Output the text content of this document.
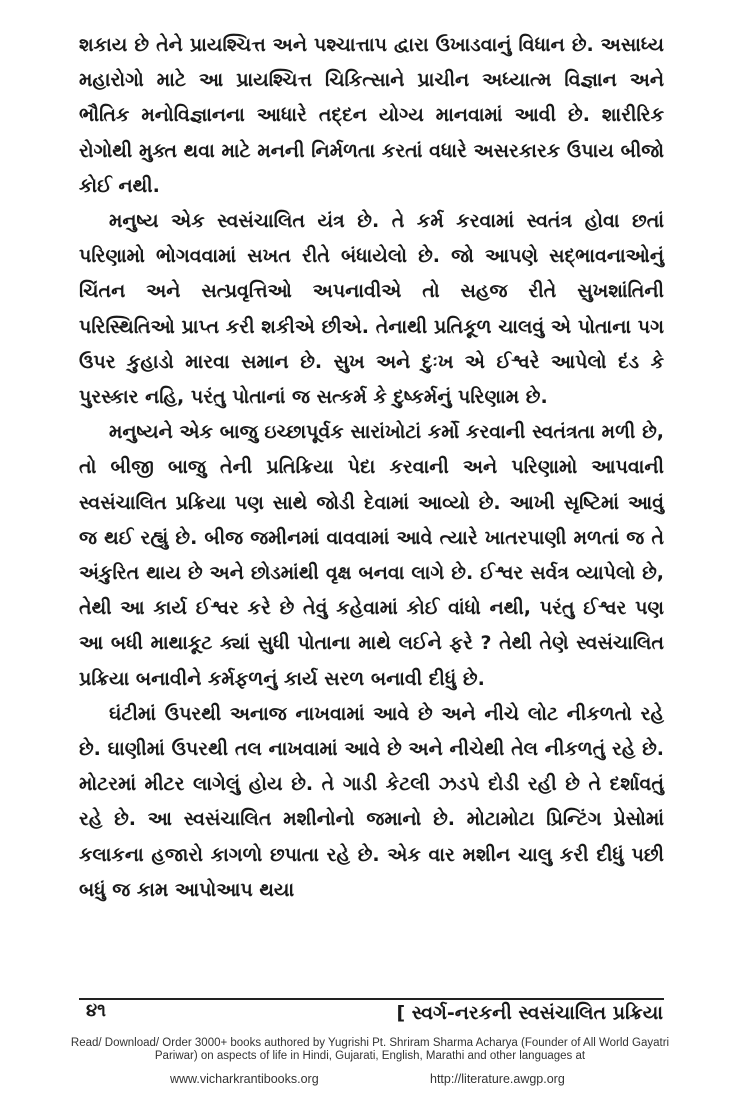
શકાય છે તેને પ્રાયશ્ચિત્ત અને પશ્ચાત્તાપ દ્વારા ઉખાડવાનું વિધાન છે. અસાધ્ય મહારોગો માટે આ પ્રાયશ્ચિત્ત ચિકિત્સાને પ્રાચીન અધ્યાત્મ વિજ્ઞાન અને ભૌતિક મનોવિજ્ઞાનના આધારે તદ્દન યોગ્ય માનવામાં આવી છે. શારીરિક રોગોથી મુક્ત થવા માટે મનની નિર્મળતા કરતાં વધારે અસરકારક ઉપાય બીજો કોઈ નથી.

મનુષ્ય એક સ્વસંચાલિત યંત્ર છે. તે કર્મ કરવામાં સ્વતંત્ર હોવા છતાં પરિણામો ભોગવવામાં સખત રીતે બંધાયેલો છે. જો આપણે સદ્‌ભાવનાઓનું ચિંતન અને સત્પ્રવૃત્તિઓ અપનાવીએ તો સહજ રીતે સુખશાંતિની પરિસ્થિતિઓ પ્રાપ્ત કરી શકીએ છીએ. તેનાથી પ્રતિકૂળ ચાલવું એ પોતાના પગ ઉપર કુહાડો મારવા સમાન છે. સુખ અને દુઃખ એ ઈશ્વરે આપેલો દંડ કે પુરસ્કાર નહિ, પરંતુ પોતાનાં જ સત્કર્મ કે દુષ્કર્મનું પરિણામ છે.

મનુષ્યને એક બાજુ ઇચ્છાપૂર્વક સારાંખોટાં કર્મો કરવાની સ્વતંત્રતા મળી છે, તો બીજી બાજુ તેની પ્રતિક્રિયા પેદા કરવાની અને પરિણામો આપવાની સ્વસંચાલિત પ્રક્રિયા પણ સાથે જોડી દેવામાં આવ્યો છે. આખી સૃષ્ટિમાં આવું જ થઈ રહ્યું છે. બીજ જમીનમાં વાવવામાં આવે ત્યારે ખાતરપાણી મળતાં જ તે અંકુરિત થાય છે અને છોડમાંથી વૃક્ષ બનવા લાગે છે. ઈશ્વર સર્વત્ર વ્યાપેલો છે, તેથી આ કાર્ય ઈશ્વર કરે છે તેવું કહેવામાં કોઈ વાંધો નથી, પરંતુ ઈશ્વર પણ આ બધી માથાકૂટ ક્યાં સુધી પોતાના માથે લઈને ફરે ? તેથી તેણે સ્વસંચાલિત પ્રક્રિયા બનાવીને કર્મફળનું કાર્ય સરળ બનાવી દીધું છે.

ઘંટીમાં ઉપરથી અનાજ નાખવામાં આવે છે અને નીચે લોટ નીકળતો રહે છે. ઘાણીમાં ઉપરથી તલ નાખવામાં આવે છે અને નીચેથી તેલ નીકળતું રહે છે. મોટરમાં મીટર લાગેલું હોય છે. તે ગાડી કેટલી ઝડપે દોડી રહી છે તે દર્શાવતું રહે છે. આ સ્વસંચાલિત મશીનોનો જમાનો છે. મોટામોટા પ્રિન્ટિંગ પ્રેસોમાં કલાકના હજારો કાગળો છપાતા રહે છે. એક વાર મશીન ચાલુ કરી દીધું પછી બધું જ કામ આપોઆપ થયા

૪૧	[ સ્વર્ગ-નરકની સ્વસંચાલિત પ્રક્રિયા
Read/ Download/ Order 3000+ books authored by Yugrishi Pt. Shriram Sharma Acharya (Founder of All World Gayatri Pariwar) on aspects of life in Hindi, Gujarati, English, Marathi and other languages at
www.vicharkrantibooks.org	http://literature.awgp.org
